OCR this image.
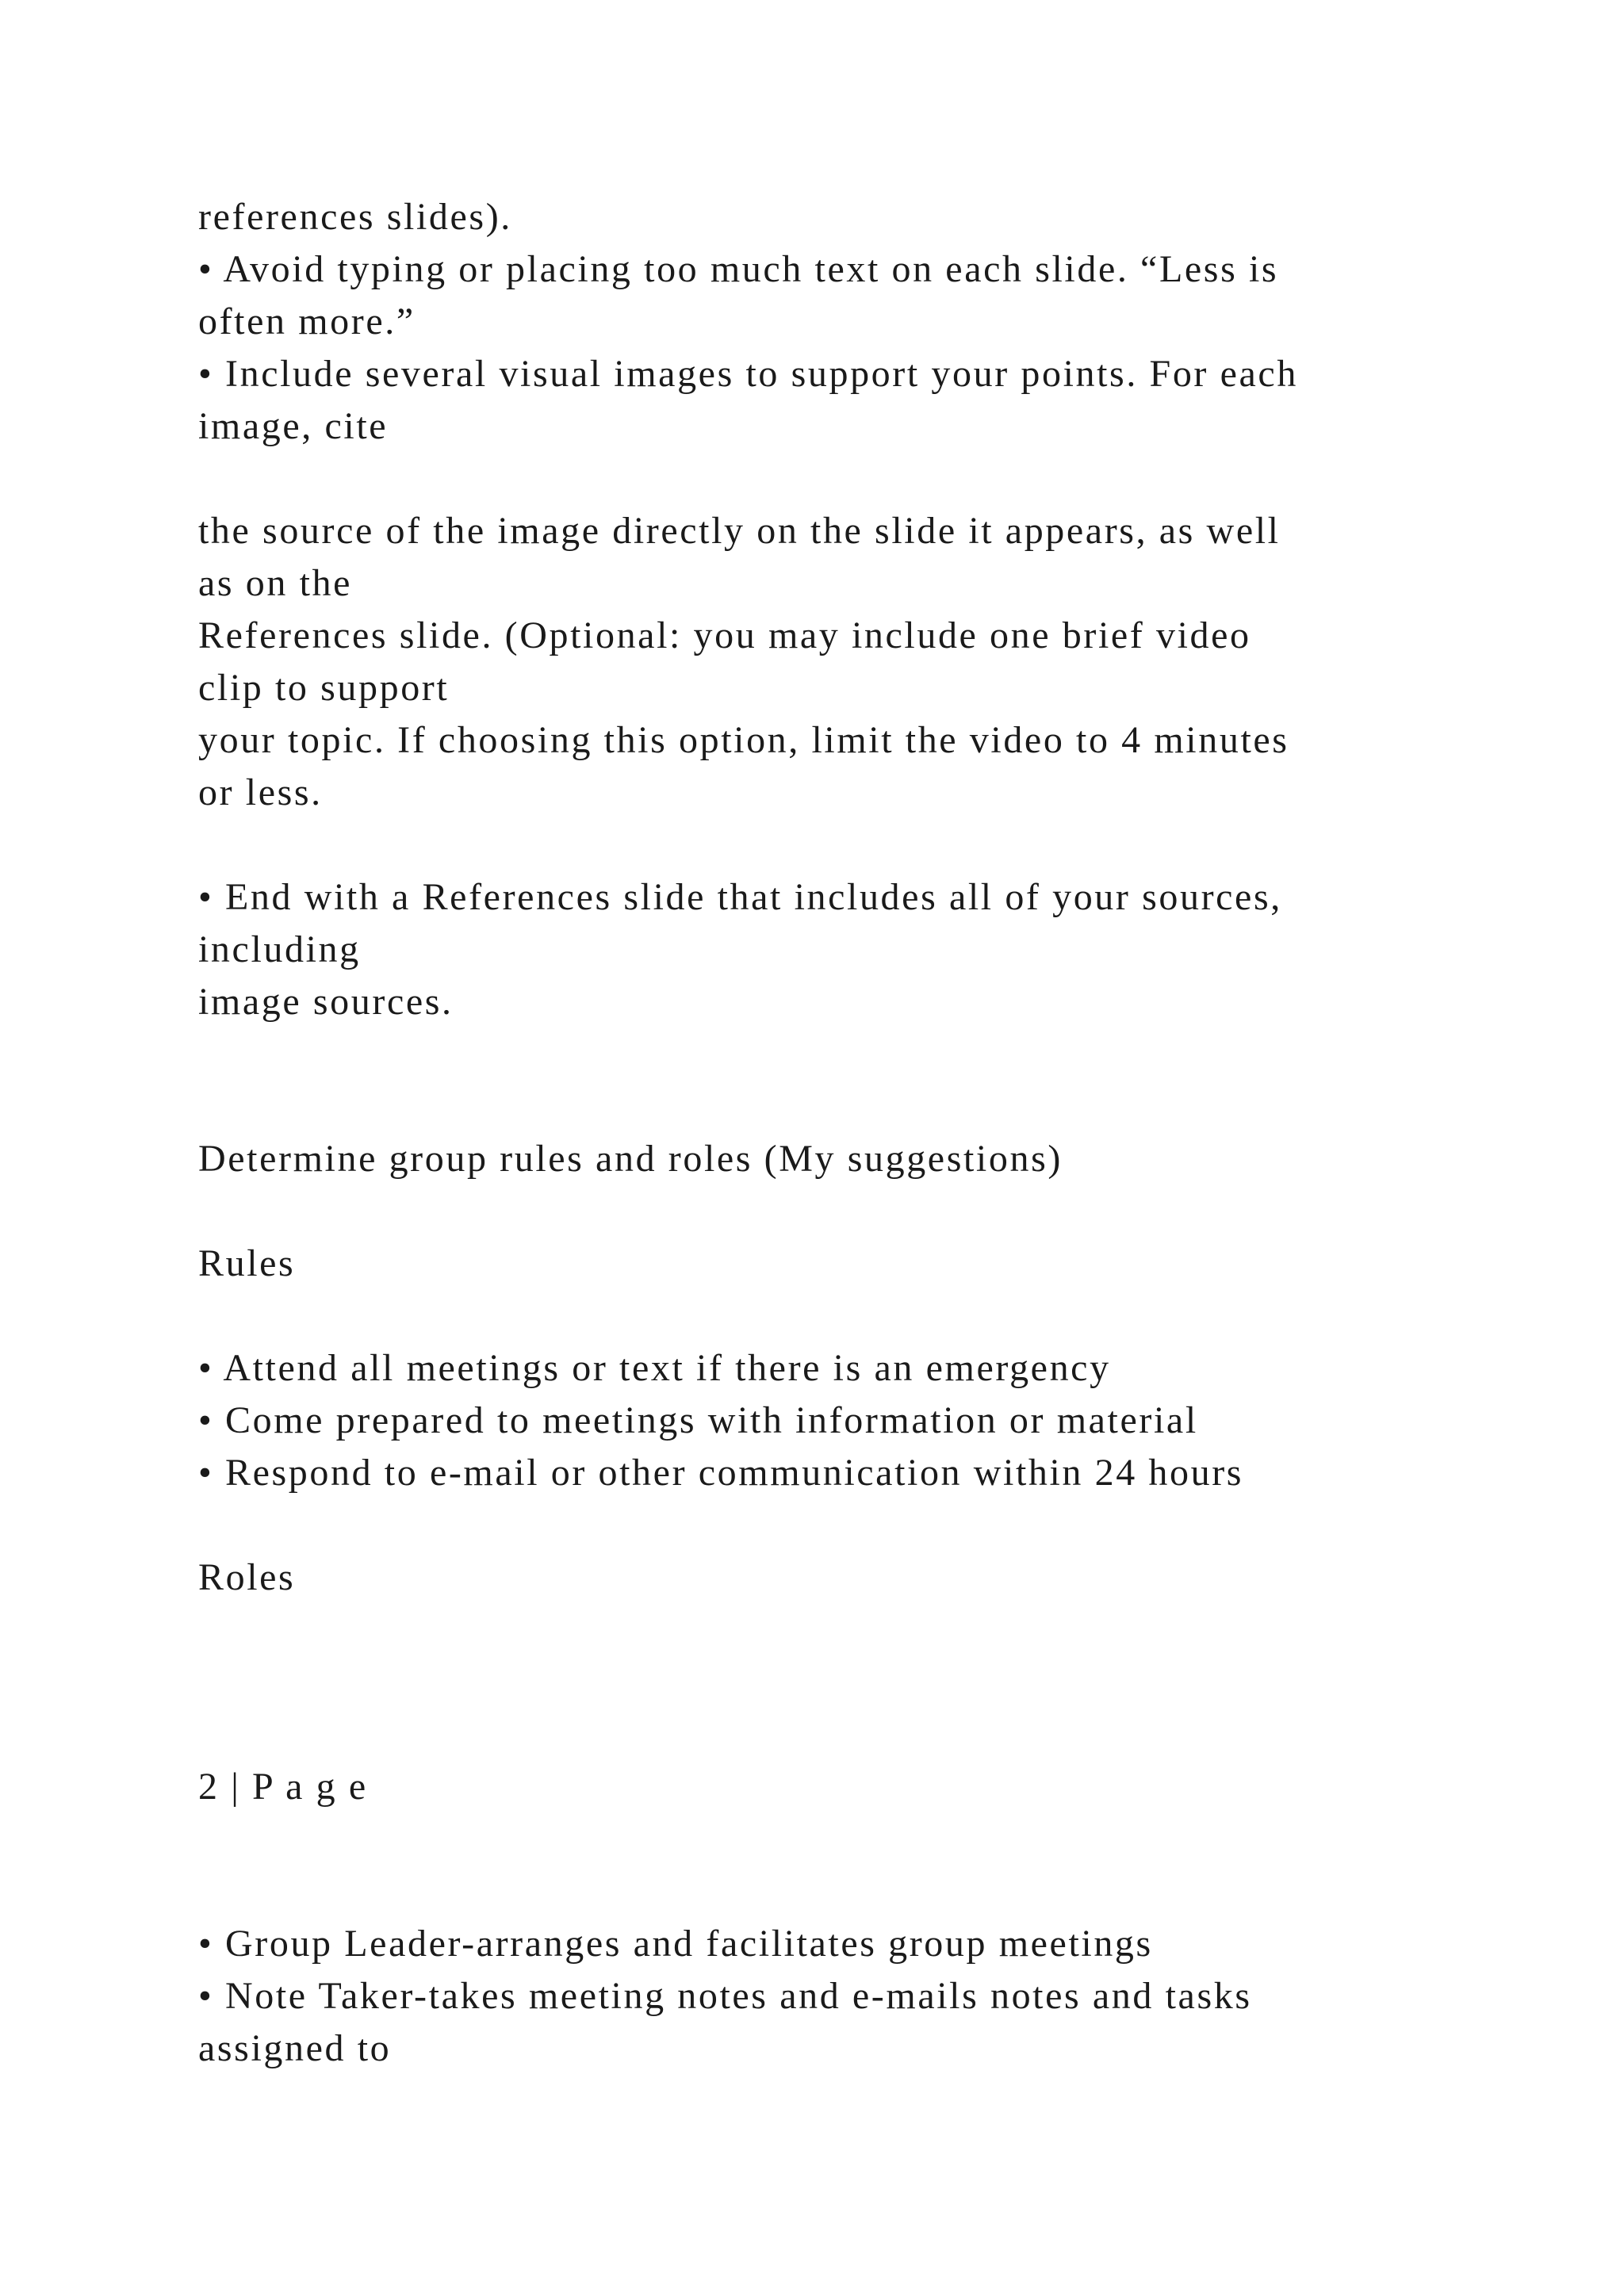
references slides).
• Avoid typing or placing too much text on each slide. “Less is
often more.”
• Include several visual images to support your points. For each
image, cite
the source of the image directly on the slide it appears, as well
as on the
References slide. (Optional: you may include one brief video
clip to support
your topic. If choosing this option, limit the video to 4 minutes
or less.
• End with a References slide that includes all of your sources,
including
image sources.
Determine group rules and roles (My suggestions)
Rules
• Attend all meetings or text if there is an emergency
• Come prepared to meetings with information or material
• Respond to e-mail or other communication within 24 hours
Roles
2 | P a g e
• Group Leader-arranges and facilitates group meetings
• Note Taker-takes meeting notes and e-mails notes and tasks
assigned to
